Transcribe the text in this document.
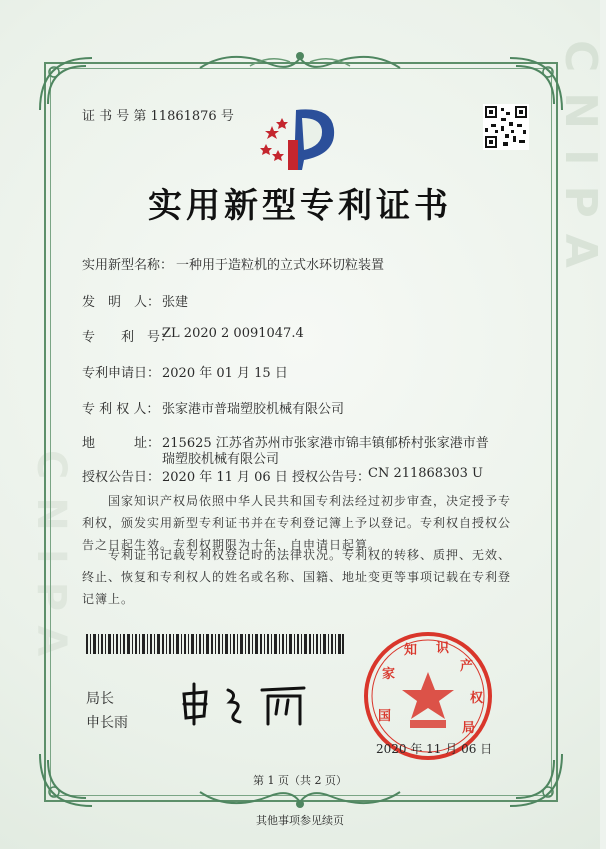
CNIPA
CNIPA
证 书 号 第 11861876 号
实用新型专利证书
实用新型名称： 一种用于造粒机的立式水环切粒装置
发　明　人： 张建
专　　利　号：
ZL 2020 2 0091047.4
专利申请日： 2020 年 01 月 15 日
专 利 权 人： 张家港市普瑞塑胶机械有限公司
地　　　址： 215625 江苏省苏州市张家港市锦丰镇郁桥村张家港市普
瑞塑胶机械有限公司
授权公告日： 2020 年 11 月 06 日 授权公告号：
CN 211868303 U
国家知识产权局依照中华人民共和国专利法经过初步审查，决定授予专利权，颁发实用新型专利证书并在专利登记簿上予以登记。专利权自授权公告之日起生效。专利权期限为十年，自申请日起算。
专利证书记载专利权登记时的法律状况。专利权的转移、质押、无效、终止、恢复和专利权人的姓名或名称、国籍、地址变更等事项记载在专利登记簿上。
局长
申长雨	国
家
知 识
产
权
局
2020 年 11 月 06 日
第 1 页（共 2 页）
其他事项参见续页
